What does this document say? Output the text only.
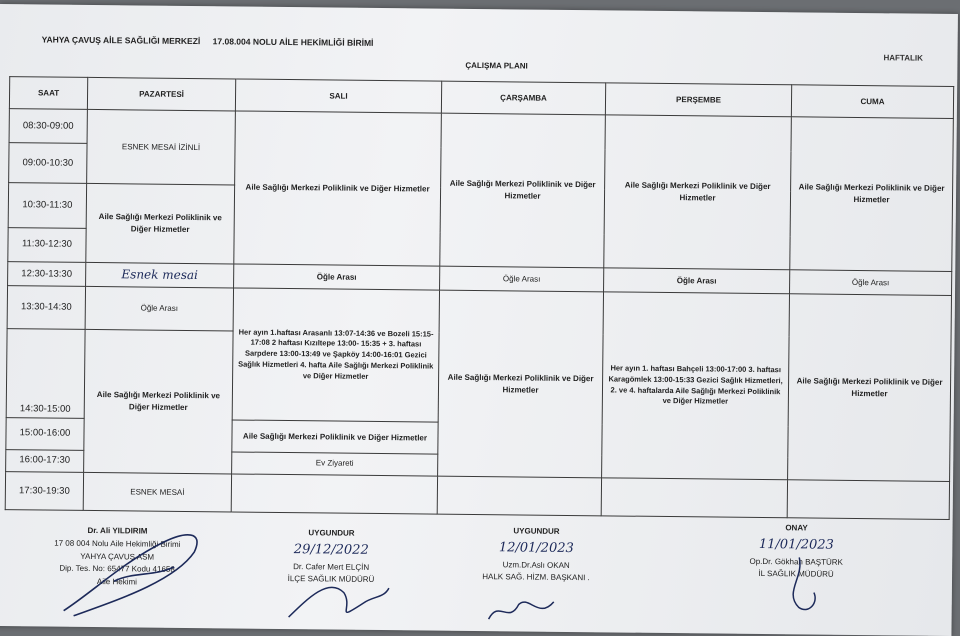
YAHYA ÇAVUŞ AİLE SAĞLIĞI MERKEZİ 17.08.004 NOLU AİLE HEKİMLİĞİ BİRİMİ
HAFTALIK
ÇALIŞMA PLANI
SAAT	PAZARTESİ	SALI	ÇARŞAMBA	PERŞEMBE	CUMA
08:30-09:00	ESNEK MESAİ İZİNLİ	Aile Sağlığı Merkezi Poliklinik ve Diğer Hizmetler	Aile Sağlığı Merkezi Poliklinik ve Diğer Hizmetler	Aile Sağlığı Merkezi Poliklinik ve Diğer Hizmetler	Aile Sağlığı Merkezi Poliklinik ve Diğer Hizmetler
09:00-10:30					
10:30-11:30	Aile Sağlığı Merkezi Poliklinik ve Diğer Hizmetler				
11:30-12:30					
12:30-13:30	Esnek mesai	Öğle Arası	Öğle Arası	Öğle Arası	Öğle Arası
13:30-14:30	Öğle Arası	Her ayın 1.haftası Arasanlı 13:07-14:36 ve Bozeli 15:15-17:08 2 haftası Kızıltepe 13:00- 15:35 + 3. haftası Sarpdere 13:00-13:49 ve Şapköy 14:00-16:01 Gezici Sağlık Hizmetleri 4. hafta Aile Sağlığı Merkezi Poliklinik ve Diğer Hizmetler	Aile Sağlığı Merkezi Poliklinik ve Diğer Hizmetler	Her ayın 1. haftası Bahçeli 13:00-17:00 3. haftası Karagömlek 13:00-15:33 Gezici Sağlık Hizmetleri, 2. ve 4. haftalarda Aile Sağlığı Merkezi Poliklinik ve Diğer Hizmetler	Aile Sağlığı Merkezi Poliklinik ve Diğer Hizmetler
14:30-15:00	Aile Sağlığı Merkezi Poliklinik ve Diğer Hizmetler				
15:00-16:00		Aile Sağlığı Merkezi Poliklinik ve Diğer Hizmetler			
16:00-17:30		Ev Ziyareti			
17:30-19:30	ESNEK MESAİ				
Dr. Ali YILDIRIM
17 08 004 Nolu Aile Hekimliği Birimi
YAHYA ÇAVUŞ ASM
Dip. Tes. No: 65477 Kodu 41658
Aile Hekimi
UYGUNDUR
29/12/2022
Dr. Cafer Mert ELÇİN
İLÇE SAĞLIK MÜDÜRÜ
UYGUNDUR
12/01/2023
Uzm.Dr.Aslı OKAN
HALK SAĞ. HİZM. BAŞKANI .
ONAY
11/01/2023
Op.Dr. Gökhan BAŞTÜRK
İL SAĞLIK MÜDÜRÜ
